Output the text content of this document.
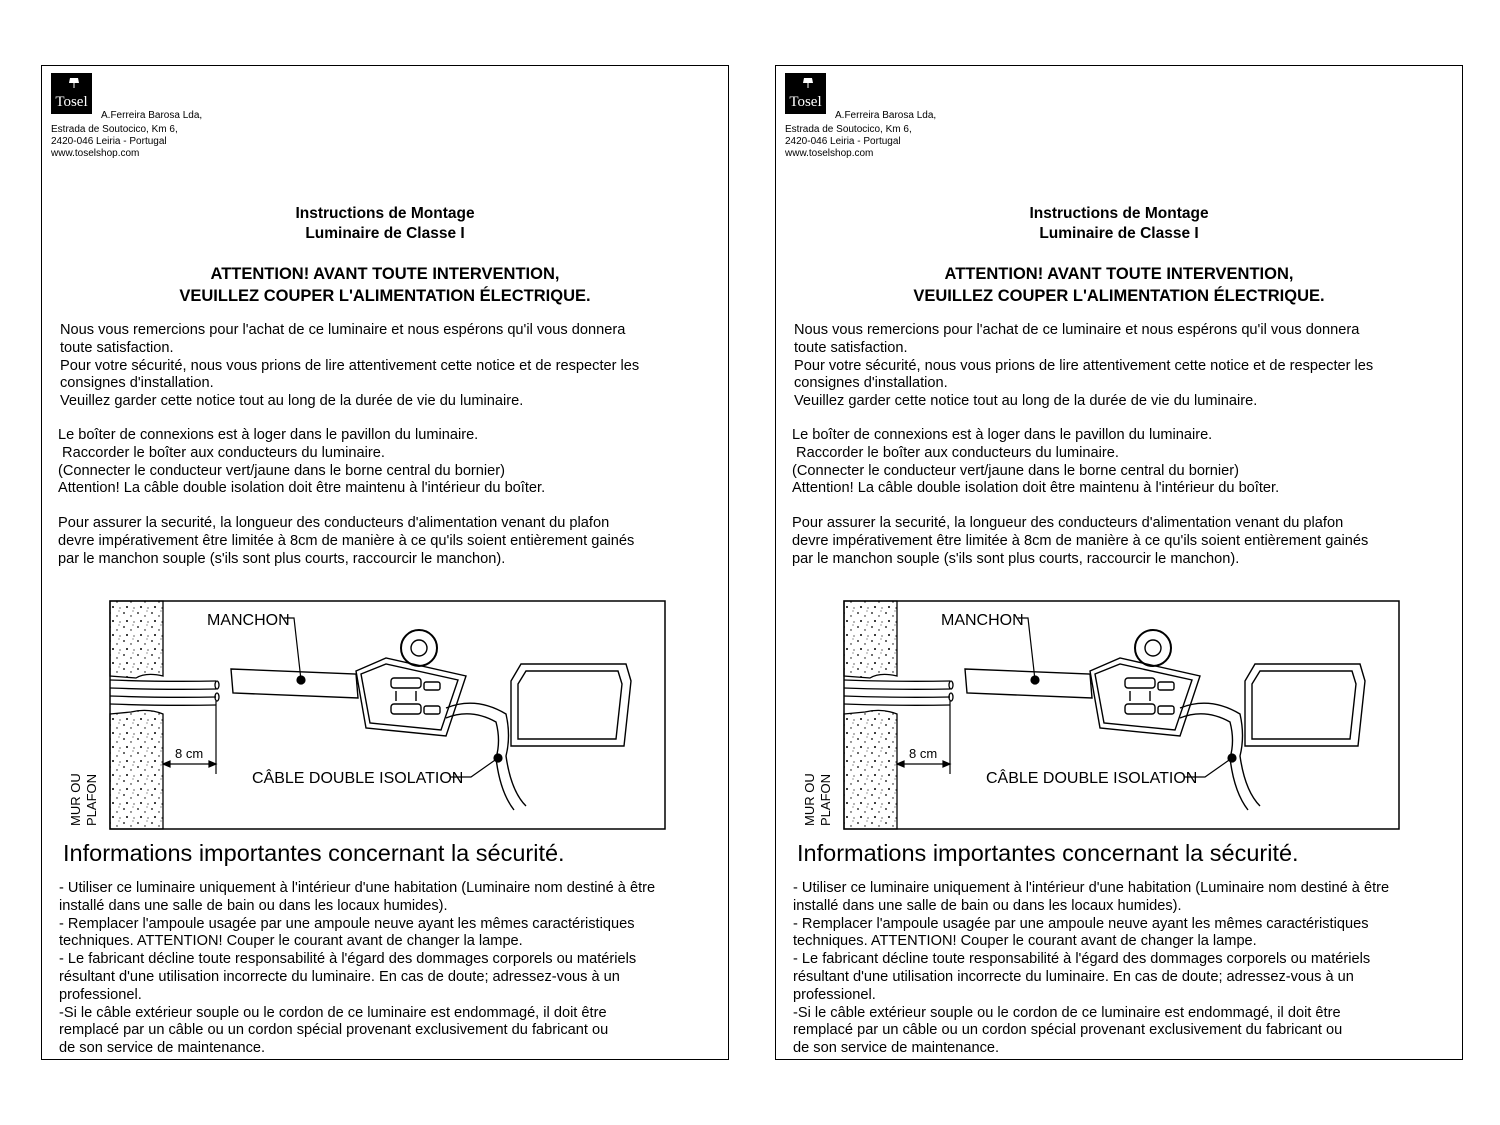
Tosel
A.Ferreira Barosa Lda,
Estrada de Soutocico, Km 6,
2420-046 Leiria - Portugal
www.toselshop.com
Instructions de Montage
Luminaire de Classe I
ATTENTION! AVANT TOUTE INTERVENTION,
VEUILLEZ COUPER L'ALIMENTATION ÉLECTRIQUE.
Nous vous remercions pour l'achat de ce luminaire et nous espérons qu'il vous donnera
toute satisfaction.
Pour votre sécurité, nous vous prions de lire attentivement cette notice et de respecter les
consignes d'installation.
Veuillez garder cette notice tout au long de la durée de vie du luminaire.
Le boîter de connexions est à loger dans le pavillon du luminaire.
Raccorder le boîter aux conducteurs du luminaire.
(Connecter le conducteur vert/jaune dans le borne central du bornier)
Attention! La câble double isolation doit être maintenu à l'intérieur du boîter.
Pour assurer la securité, la longueur des conducteurs d'alimentation venant du plafon
devre impérativement être limitée à 8cm de manière à ce qu'ils soient entièrement gainés
par le manchon souple (s'ils sont plus courts, raccourcir le manchon).
8 cm
MANCHON
CÂBLE DOUBLE ISOLATION
MUR OU PLAFON
Informations importantes concernant la sécurité.
- Utiliser ce luminaire uniquement à l'intérieur d'une habitation (Luminaire nom destiné à être
installé dans une salle de bain ou dans les locaux humides).
- Remplacer l'ampoule usagée par une ampoule neuve ayant les mêmes caractéristiques
techniques. ATTENTION! Couper le courant avant de changer la lampe.
- Le fabricant décline toute responsabilité à l'égard des dommages corporels ou matériels
résultant d'une utilisation incorrecte du luminaire. En cas de doute; adressez-vous à un
professionel.
-Si le câble extérieur souple ou le cordon de ce luminaire est endommagé, il doit être
remplacé par un câble ou un cordon spécial provenant exclusivement du fabricant ou
de son service de maintenance.
Tosel
A.Ferreira Barosa Lda,
Estrada de Soutocico, Km 6,
2420-046 Leiria - Portugal
www.toselshop.com
Instructions de Montage
Luminaire de Classe I
ATTENTION! AVANT TOUTE INTERVENTION,
VEUILLEZ COUPER L'ALIMENTATION ÉLECTRIQUE.
Nous vous remercions pour l'achat de ce luminaire et nous espérons qu'il vous donnera
toute satisfaction.
Pour votre sécurité, nous vous prions de lire attentivement cette notice et de respecter les
consignes d'installation.
Veuillez garder cette notice tout au long de la durée de vie du luminaire.
Le boîter de connexions est à loger dans le pavillon du luminaire.
Raccorder le boîter aux conducteurs du luminaire.
(Connecter le conducteur vert/jaune dans le borne central du bornier)
Attention! La câble double isolation doit être maintenu à l'intérieur du boîter.
Pour assurer la securité, la longueur des conducteurs d'alimentation venant du plafon
devre impérativement être limitée à 8cm de manière à ce qu'ils soient entièrement gainés
par le manchon souple (s'ils sont plus courts, raccourcir le manchon).
8 cm
MANCHON
CÂBLE DOUBLE ISOLATION
MUR OU PLAFON
Informations importantes concernant la sécurité.
- Utiliser ce luminaire uniquement à l'intérieur d'une habitation (Luminaire nom destiné à être
installé dans une salle de bain ou dans les locaux humides).
- Remplacer l'ampoule usagée par une ampoule neuve ayant les mêmes caractéristiques
techniques. ATTENTION! Couper le courant avant de changer la lampe.
- Le fabricant décline toute responsabilité à l'égard des dommages corporels ou matériels
résultant d'une utilisation incorrecte du luminaire. En cas de doute; adressez-vous à un
professionel.
-Si le câble extérieur souple ou le cordon de ce luminaire est endommagé, il doit être
remplacé par un câble ou un cordon spécial provenant exclusivement du fabricant ou
de son service de maintenance.
